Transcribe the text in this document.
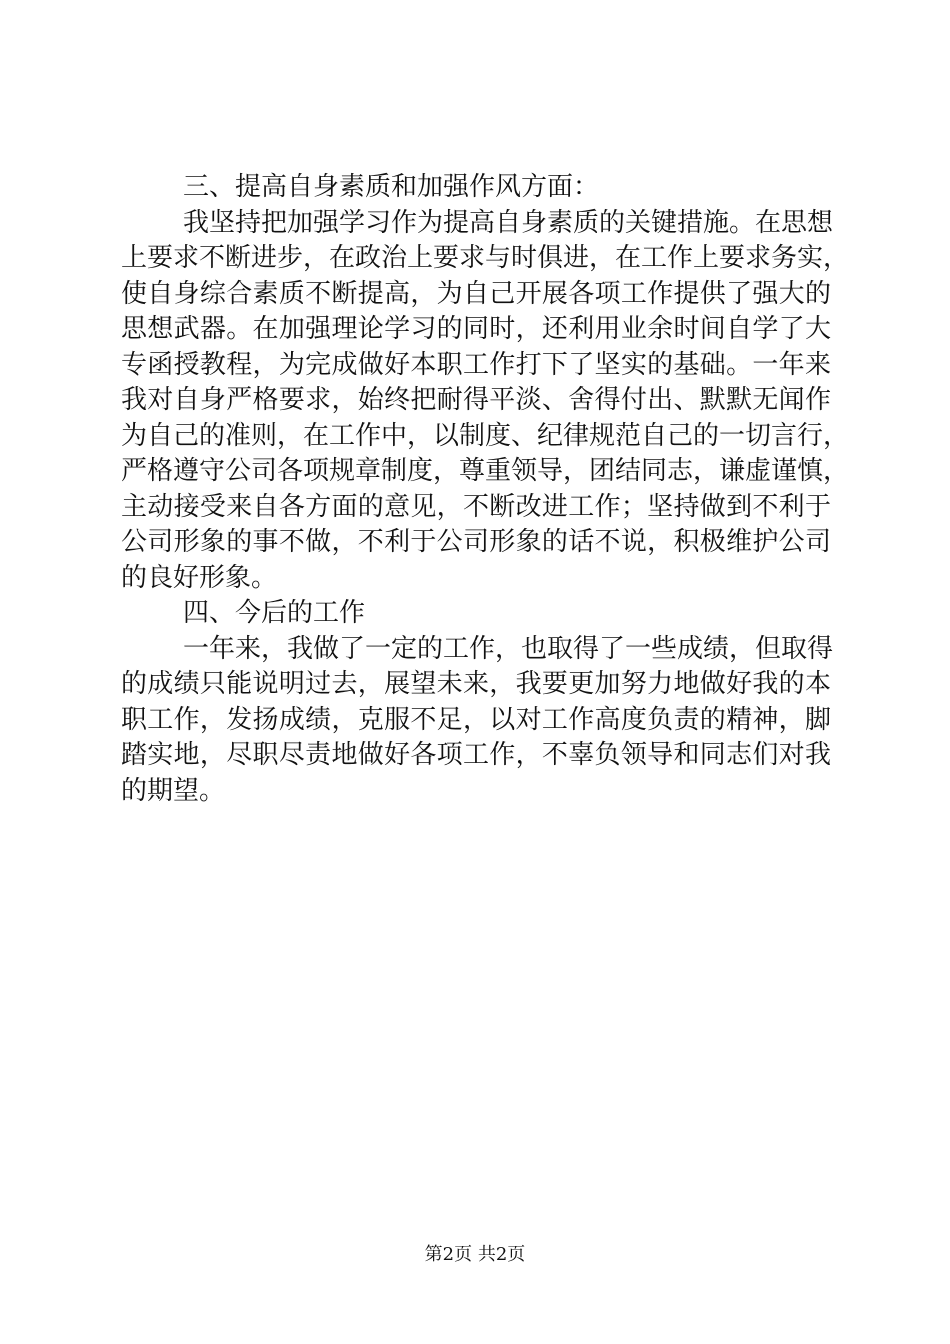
三、提高自身素质和加强作风方面：
我坚持把加强学习作为提高自身素质的关键措施。在思想
上要求不断进步，在政治上要求与时俱进，在工作上要求务实，
使自身综合素质不断提高，为自己开展各项工作提供了强大的
思想武器。在加强理论学习的同时，还利用业余时间自学了大
专函授教程，为完成做好本职工作打下了坚实的基础。一年来
我对自身严格要求，始终把耐得平淡、舍得付出、默默无闻作
为自己的准则，在工作中，以制度、纪律规范自己的一切言行，
严格遵守公司各项规章制度，尊重领导，团结同志，谦虚谨慎，
主动接受来自各方面的意见，不断改进工作；坚持做到不利于
公司形象的事不做，不利于公司形象的话不说，积极维护公司
的良好形象。
四、今后的工作
一年来，我做了一定的工作，也取得了一些成绩，但取得
的成绩只能说明过去，展望未来，我要更加努力地做好我的本
职工作，发扬成绩，克服不足，以对工作高度负责的精神，脚
踏实地，尽职尽责地做好各项工作，不辜负领导和同志们对我
的期望。
第2页 共2页
